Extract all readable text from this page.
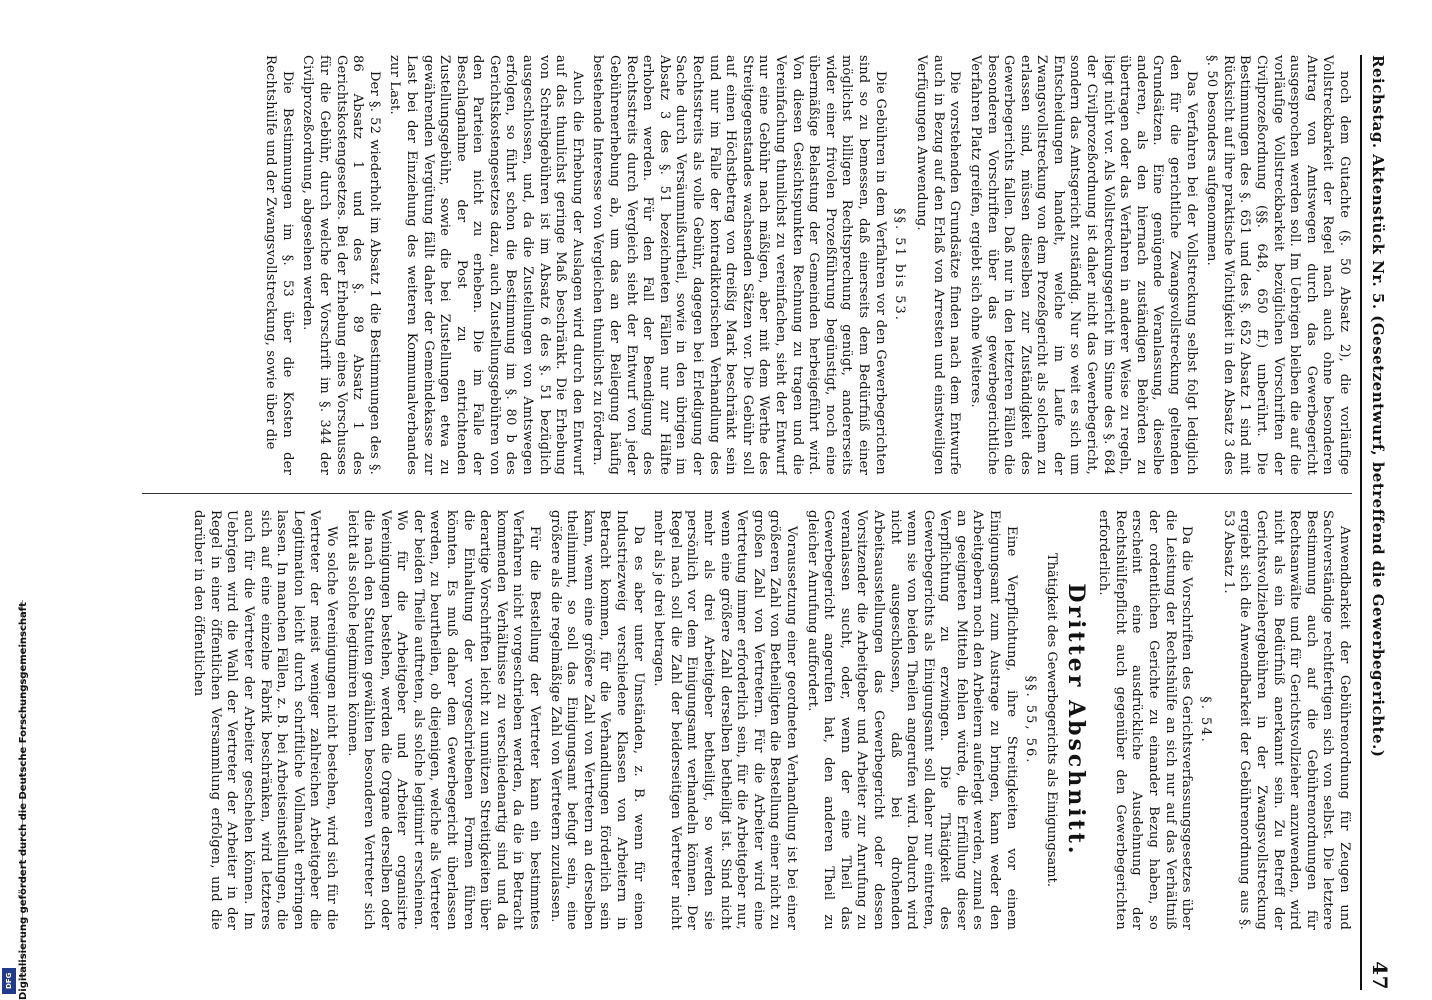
Reichstag. Aktenstück Nr. 5. (Gesetzentwurf, betreffend die Gewerbegerichte.)
47

noch dem Gutachte (§. 50 Absatz 2), die vorläufige Vollstreckbarkeit der Regel nach auch ohne besonderen Antrag von Amtswegen durch das Gewerbegericht ausgesprochen werden soll. Im Uebrigen bleiben die auf die vorläufige Vollstreckbarkeit bezüglichen Vorschriften der Civilprozeßordnung (§§. 648, 650 ff.) unberührt. Die Bestimmungen des §. 651 und des §. 652 Absatz 1 sind mit Rücksicht auf ihre praktische Wichtigkeit in den Absatz 3 des §. 50 besonders aufgenommen.

Das Verfahren bei der Vollstreckung selbst folgt lediglich den für die gerichtliche Zwangsvollstreckung geltenden Grundsätzen. Eine genügende Veranlassung, dieselbe anderen, als den hiernach zuständigen Behörden zu übertragen oder das Verfahren in anderer Weise zu regeln, liegt nicht vor. Als Vollstreckungsgericht im Sinne des §. 684 der Civilprozeßordnung ist daher nicht das Gewerbegericht, sondern das Amtsgericht zuständig. Nur so weit es sich um Entscheidungen handelt, welche im Laufe der Zwangsvollstreckung von dem Prozeßgericht als solchem zu erlassen sind, müssen dieselben zur Zuständigkeit des Gewerbegerichts fallen. Daß nur in den letzteren Fällen die besonderen Vorschriften über das gewerbegerichtliche Verfahren Platz greifen, ergiebt sich ohne Weiteres.

Die vorstehenden Grundsätze finden nach dem Entwurfe auch in Bezug auf den Erlaß von Arresten und einstweiligen Verfügungen Anwendung.

§§. 51 bis 53.

Die Gebühren in dem Verfahren vor den Gewerbegerichten sind so zu bemessen, daß einerseits dem Bedürfniß einer möglichst billigen Rechtsprechung genügt, andererseits wider einer frivolen Prozeßführung begünstigt, noch eine übermäßige Belastung der Gemeinden herbeigeführt wird. Von diesen Gesichtspunkten Rechnung zu tragen und die Vereinfachung thunlichst zu vereinfachen, sieht der Entwurf nur eine Gebühr nach mäßigen, aber mit dem Werthe des Streitgegenstandes wachsenden Sätzen vor. Die Gebühr soll auf einen Höchstbetrag von dreißig Mark beschränkt sein und nur im Falle der kontradiktorischen Verhandlung des Rechtsstreits als volle Gebühr, dagegen bei Erledigung der Sache durch Versäumnißurtheil, sowie in den übrigen im Absatz 3 des §. 51 bezeichneten Fällen nur zur Hälfte erhoben werden. Für den Fall der Beendigung des Rechtsstreits durch Vergleich sieht der Entwurf von jeder Gebührenerhebung ab, um das an der Beilegung häufig bestehende Interesse von Vergleichen thunlichst zu fördern.

Auch die Erhebung der Auslagen wird durch den Entwurf auf das thunlichst geringe Maß beschränkt. Die Erhebung von Schreibgebühren ist im Absatz 6 des §. 51 bezüglich ausgeschlossen, und, da die Zustellungen von Amtswegen erfolgen, so führt schon die Bestimmung im §. 80 b des Gerichtskostengesetzes dazu, auch Zustellungsgebühren von den Parteien nicht zu erheben. Die im Falle der Beschlagnahme der Post zu entrichtenden Zustellungsgebühr, sowie die bei Zustellungen etwa zu gewährenden Vergütung fällt daher der Gemeindekasse zur Last bei der Einziehung des weiteren Kommunalverbandes zur Last.

Der §. 52 wiederholt im Absatz 1 die Bestimmungen des §. 86 Absatz 1 und des §. 89 Absatz 1 des Gerichtskostengesetzes. Bei der Erhebung eines Vorschusses für die Gebühr, durch welche der Vorschrift im §. 344 der Civilprozeßordnung, abgesehen werden.

Die Bestimmungen im §. 53 über die Kosten der Rechtshülfe und der Zwangsvollstreckung, sowie über die

Anwendbarkeit der Gebührenordnung für Zeugen und Sachverständige rechtfertigen sich von selbst. Die letztere Bestimmung auch auf die Gebührenordnungen für Rechtsanwälte und für Gerichtsvollzieher anzuwenden, wird nicht als ein Bedürfniß anerkannt sein. Zu Betreff der Gerichtsvollziehergebühren in der Zwangsvollstreckung ergiebt sich die Anwendbarkeit der Gebührenordnung aus §. 53 Absatz 1.

§. 54.

Da die Vorschriften des Gerichtsverfassungsgesetzes über die Leistung der Rechtshülfe an sich nur auf das Verhältniß der ordentlichen Gerichte zu einander Bezug haben, so erscheint eine ausdrückliche Ausdehnung der Rechtshülfepflicht auch gegenüber den Gewerbegerichten erforderlich.

Dritter Abschnitt.
Thätigkeit des Gewerbegerichts als Einigungsamt.
§§. 55, 56.

Eine Verpflichtung, ihre Streitigkeiten vor einem Einigungsamt zum Austrage zu bringen, kann weder den Arbeitgebern noch den Arbeitern auferlegt werden, zumal es an geeigneten Mitteln fehlen würde, die Erfüllung dieser Verpflichtung zu erzwingen. Die Thätigkeit des Gewerbegerichts als Einigungsamt soll daher nur eintreten, wenn sie von beiden Theilen angerufen wird. Dadurch wird nicht ausgeschlossen, daß bei drohenden Arbeitsausstellungen das Gewerbegericht oder dessen Vorsitzender die Arbeitgeber und Arbeiter zur Anrufung zu veranlassen sucht, oder, wenn der eine Theil das Gewerbegericht angerufen hat, den anderen Theil zu gleicher Anrufung auffordert.

Voraussetzung einer geordneten Verhandlung ist bei einer größeren Zahl von Betheiligten die Bestellung einer nicht zu großen Zahl von Vertretern. Für die Arbeiter wird eine Vertretung immer erforderlich sein, für die Arbeitgeber nur, wenn eine größere Zahl derselben betheiligt ist. Sind nicht mehr als drei Arbeitgeber betheiligt, so werden sie persönlich vor dem Einigungsamt verhandeln können. Der Regel nach soll die Zahl der beiderseitigen Vertreter nicht mehr als je drei betragen.

Da es aber unter Umständen, z. B. wenn für einen Industriezweig verschiedene Klassen von Arbeitern in Betracht kommen, für die Verhandlungen förderlich sein kann, wenn eine größere Zahl von Vertretern an derselben theilnimmt, so soll das Einigungsamt befugt sein, eine größere als die regelmäßige Zahl von Vertretern zuzulassen.

Für die Bestellung der Vertreter kann ein bestimmtes Verfahren nicht vorgeschrieben werden, da die in Betracht kommenden Verhältnisse zu verschiedenartig sind und da derartige Vorschriften leicht zu unnützen Streitigkeiten über die Einhaltung der vorgeschriebenen Formen führen könnten. Es muß daher dem Gewerbegericht überlassen werden, zu beurtheilen, ob diejenigen, welche als Vertreter der beiden Theile auftreten, als solche legitimirt erscheinen. Wo für die Arbeitgeber und Arbeiter organisirte Vereinigungen bestehen, werden die Organe derselben oder die nach den Statuten gewählten besonderen Vertreter sich leicht als solche legitimiren können.

Wo solche Vereinigungen nicht bestehen, wird sich für die Vertreter der meist weniger zahlreichen Arbeitgeber die Legitimation leicht durch schriftliche Vollmacht erbringen lassen. In manchen Fällen, z. B. bei Arbeitseinstellungen, die sich auf eine einzelne Fabrik beschränken, wird letzteres auch für die Vertreter der Arbeiter geschehen können. Im Uebrigen wird die Wahl der Vertreter der Arbeiter in der Regel in einer öffentlichen Versammlung erfolgen, und die darüber in den öffentlichen

Digitalisierung gefördert durch die Deutsche Forschungsgemeinschaft
DFG
